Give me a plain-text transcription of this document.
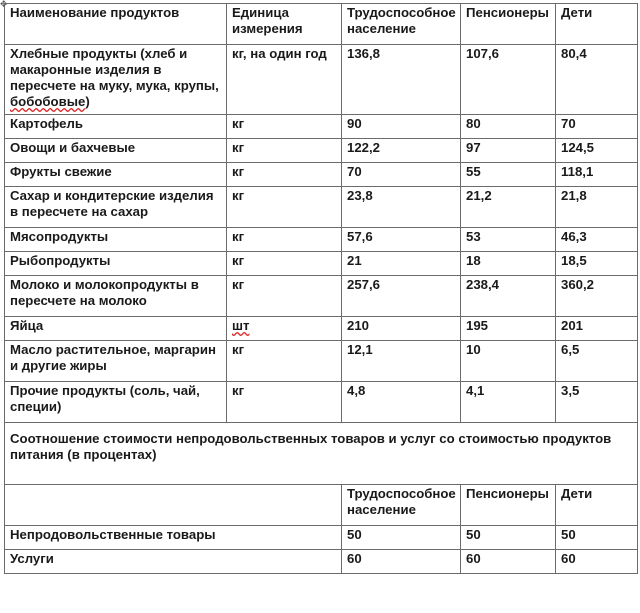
✥
Наименование продуктов	Единица измерения	Трудоспособное население	Пенсионеры	Дети
Хлебные продукты (хлеб и макаронные изделия в пересчете на муку, мука, крупы, бобобовые)	кг, на один год	136,8	107,6	80,4
Картофель	кг	90	80	70
Овощи и бахчевые	кг	122,2	97	124,5
Фрукты свежие	кг	70	55	118,1
Сахар и кондитерские изделия в пересчете на сахар	кг	23,8	21,2	21,8
Мясопродукты	кг	57,6	53	46,3
Рыбопродукты	кг	21	18	18,5
Молоко и молокопродукты в пересчете на молоко	кг	257,6	238,4	360,2
Яйца	шт	210	195	201
Масло растительное, маргарин и другие жиры	кг	12,1	10	6,5
Прочие продукты (соль, чай, специи)	кг	4,8	4,1	3,5
Соотношение стоимости непродовольственных товаров и услуг со стоимостью продуктов питания (в процентах)				
		Трудоспособное население	Пенсионеры	Дети
Непродовольственные товары		50	50	50
Услуги		60	60	60
